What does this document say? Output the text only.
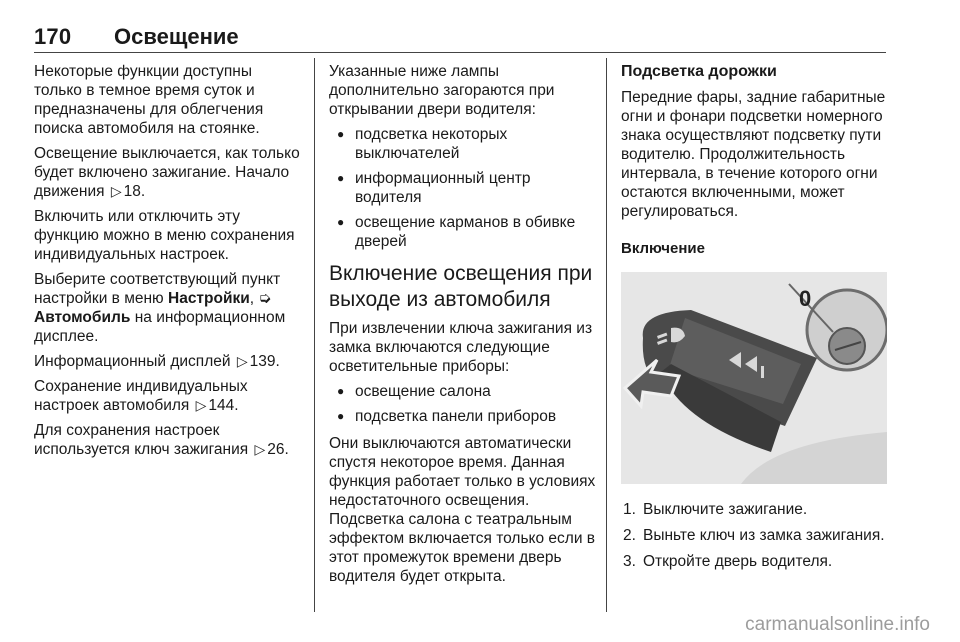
170 Освещение

Некоторые функции доступны только в темное время суток и предназначены для облегчения поиска автомобиля на стоянке.

Освещение выключается, как только будет включено зажигание. Начало движения ▷ 18.

Включить или отключить эту функцию можно в меню сохранения индивидуальных настроек.

Выберите соответствующий пункт настройки в меню Настройки, ➭
Автомобиль на информационном дисплее.

Информационный дисплей ▷ 139.

Сохранение индивидуальных настроек автомобиля ▷ 144.

Для сохранения настроек используется ключ зажигания ▷ 26.

Указанные ниже лампы дополнительно загораются при открывании двери водителя:

● подсветка некоторых выключателей
● информационный центр водителя
● освещение карманов в обивке дверей
Включение освещения при выходе из автомобиля

При извлечении ключа зажигания из замка включаются следующие осветительные приборы:

● освещение салона
● подсветка панели приборов

Они выключаются автоматически спустя некоторое время. Данная функция работает только в условиях недостаточного освещения. Подсветка салона с театральным эффектом включается только если в этот промежуток времени дверь водителя будет открыта.

Подсветка дорожки

Передние фары, задние габаритные огни и фонари подсветки номерного знака осуществляют подсветку пути водителю. Продолжительность интервала, в течение которого огни остаются включенными, может регулироваться.

Включение
0
1. Выключите зажигание.
2. Выньте ключ из замка зажигания.
3. Откройте дверь водителя.
carmanualsonline.info
